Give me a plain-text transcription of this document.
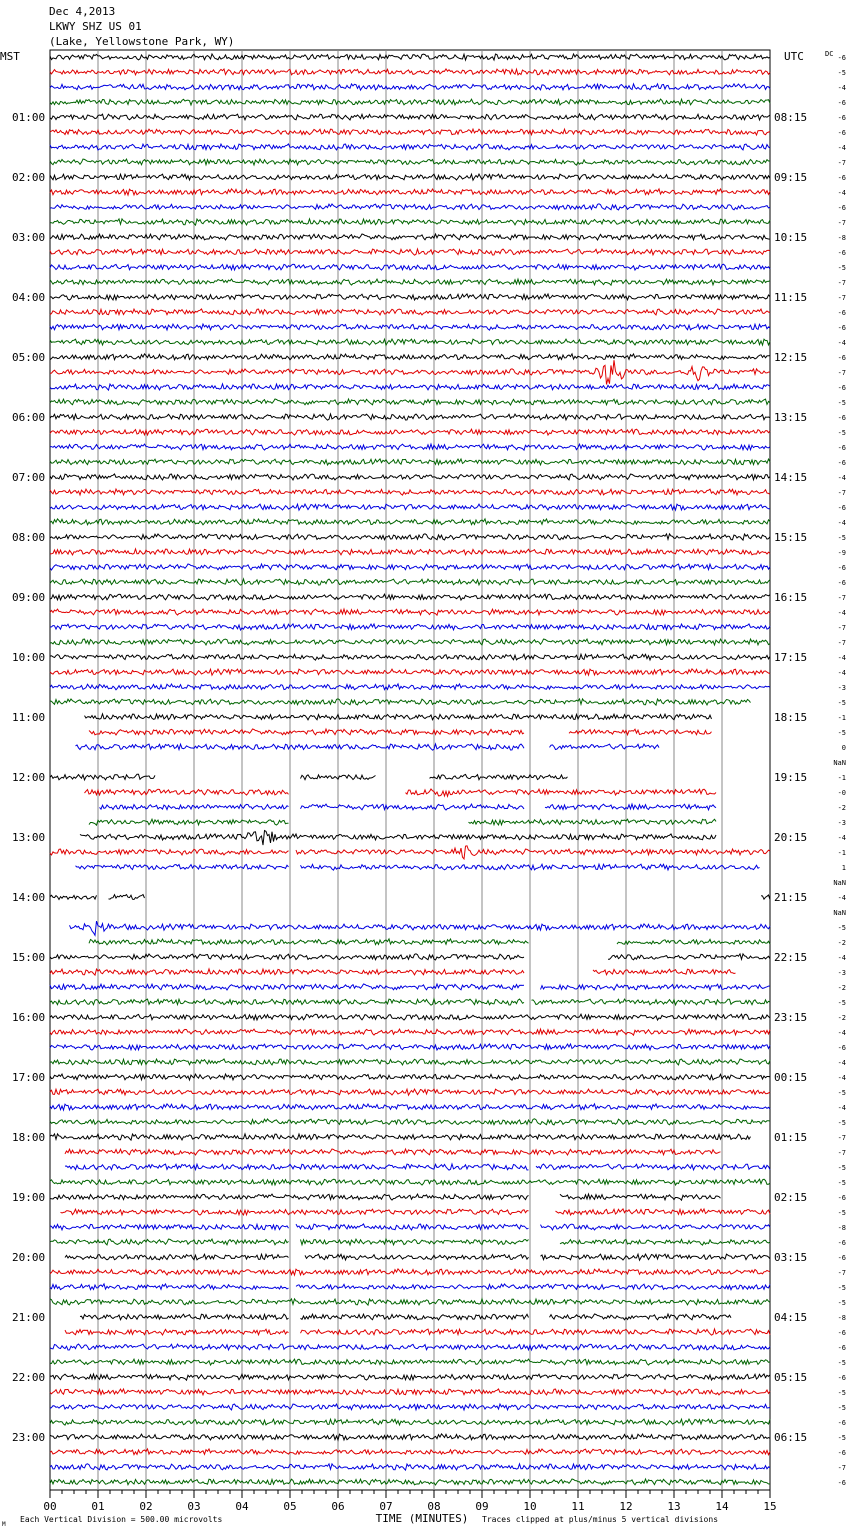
Dec 4,2013
LKWY SHZ US 01
(Lake, Yellowstone Park, WY)
MST	UTC	DC
01:00
02:00
03:00
04:00
05:00
06:00
07:00
08:00
09:00
10:00
11:00
12:00
13:00
14:00
15:00
16:00
17:00
18:00
19:00
20:00
21:00
22:00
23:00
08:15
09:15
10:15
11:15
12:15
13:15
14:15
15:15
16:15
17:15
18:15
19:15
20:15
21:15
22:15
23:15
00:15
01:15
02:15
03:15
04:15
05:15
06:15
-6
-5
-4
-6
-6
-6
-4
-7
-6
-4
-6
-7
-8
-6
-5
-7
-7
-6
-6
-4
-6
-7
-6
-5
-6
-5
-6
-6
-4
-7
-6
-4
-5
-9
-6
-6
-7
-4
-7
-7
-4
-4
-3
-5
-1
-5
0
NaN
-1
-0
-2
-3
-4
-1
1
NaN
-4
NaN
-5
-2
-4
-3
-2
-5
-2
-4
-6
-4
-4
-5
-4
-5
-7
-7
-5
-5
-6
-5
-8
-6
-6
-7
-5
-5
-8
-6
-6
-5
-6
-5
-5
-6
-5
-6
-7
-6
00	01	02	03	04	05	06	07	08	09	10	11	12	13	14	15
TIME (MINUTES)
Each Vertical Division = 500.00 microvolts	Traces clipped at plus/minus 5 vertical divisions
M
